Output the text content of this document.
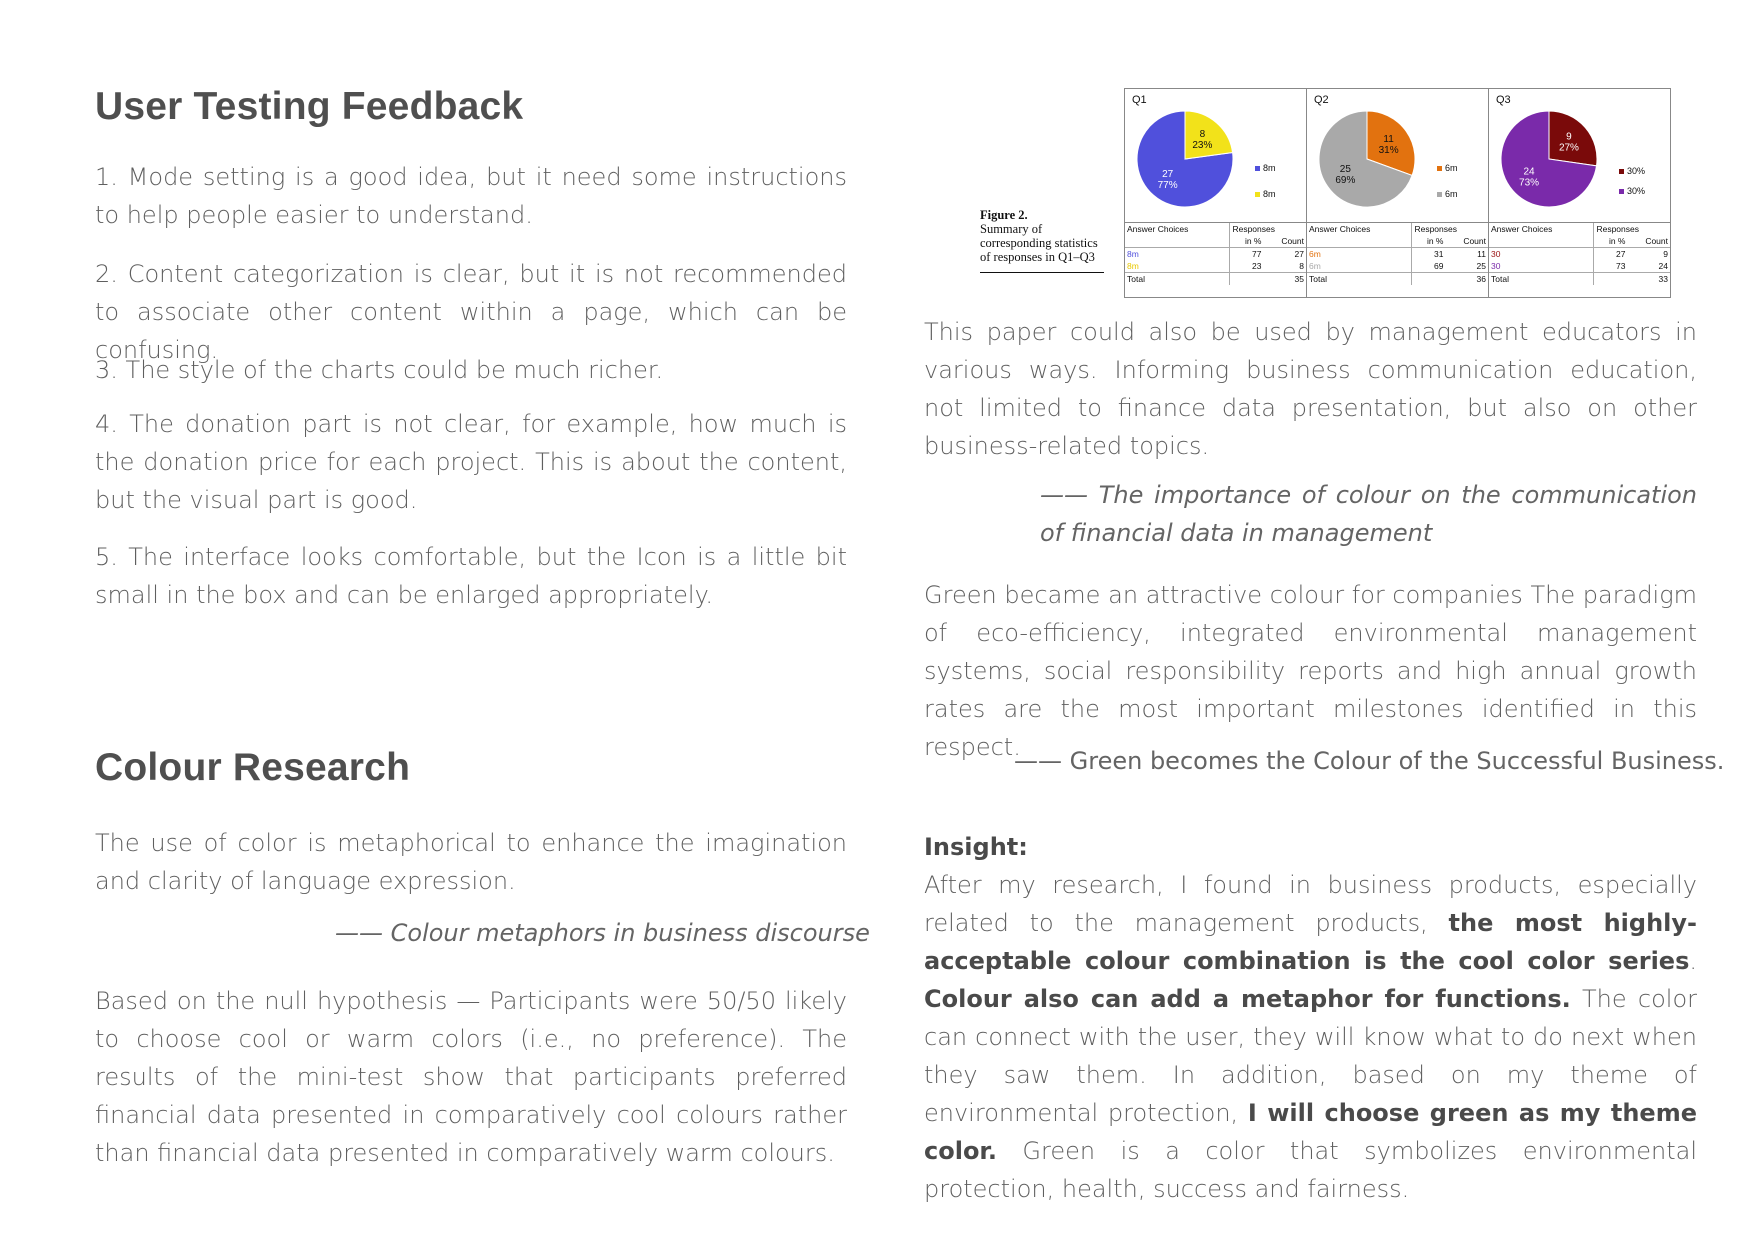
User Testing Feedback

1. Mode setting is a good idea, but it need some instructions to help people easier to understand.

2. Content categorization is clear, but it is not recommended to associate other content within a page, which can be confusing.

3. The style of the charts could be much richer.

4. The donation part is not clear, for example, how much is the donation price for each project. This is about the content, but the visual part is good.

5. The interface looks comfortable, but the Icon is a little bit small in the box and can be enlarged appropriately.

Colour Research

The use of color is metaphorical to enhance the imagination and clarity of language expression.

—— Colour metaphors in business discourse

Based on the null hypothesis — Participants were 50/50 likely to choose cool or warm colors (i.e., no preference). The results of the mini-test show that participants preferred financial data presented in comparatively cool colours rather than financial data presented in comparatively warm colours.

Figure 2.
Summary of corresponding statistics of responses in Q1–Q3
Q1
27
77%
8
23%
8m
8m
Answer Choices	Responses	
	in %	Count
8m	77	27
8m	23	8
Total		35
Q2
11
31%
25
69%
6m
6m
Answer Choices	Responses	
	in %	Count
6m	31	11
6m	69	25
Total		36
Q3
9
27%
24
73%
30%
30%
Answer Choices	Responses	
	in %	Count
30	27	9
30	73	24
Total		33

This paper could also be used by management educators in various ways. Informing business communication education, not limited to finance data presentation, but also on other business-related topics.

—— The importance of colour on the communication of financial data in management

Green became an attractive colour for companies The paradigm of eco-efficiency, integrated environmental management systems, social responsibility reports and high annual growth rates are the most important milestones identified in this respect.

—— Green becomes the Colour of the Successful Business.

Insight:

After my research, I found in business products, especially related to the management products, the most highly-acceptable colour combination is the cool color series. Colour also can add a metaphor for functions. The color can connect with the user, they will know what to do next when they saw them. In addition, based on my theme of environmental protection, I will choose green as my theme color. Green is a color that symbolizes environmental protection, health, success and fairness.
